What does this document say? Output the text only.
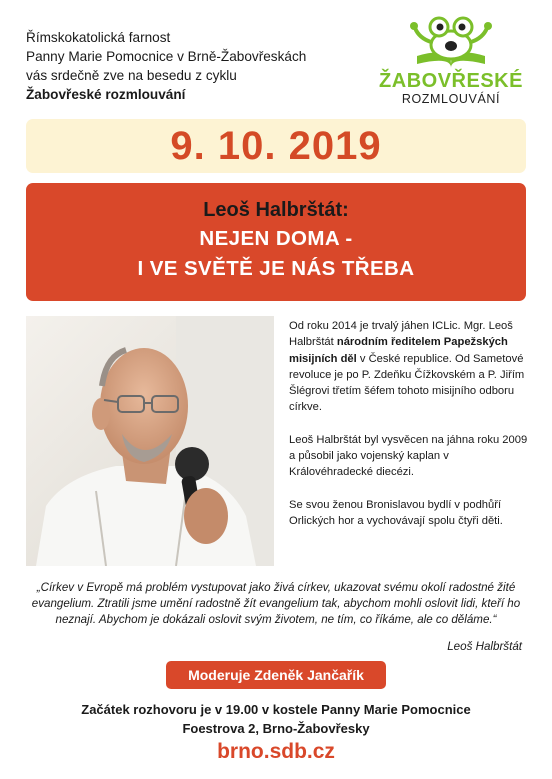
Římskokatolická farnost
Panny Marie Pomocnice v Brně-Žabovřeskách
vás srdečně zve na besedu z cyklu
Žabovřeské rozmlouvání
ŽABOVŘESKÉ
ROZMLOUVÁNÍ
9. 10. 2019
Leoš Halbrštát:
NEJEN DOMA -
I VE SVĚTĚ JE NÁS TŘEBA

Od roku 2014 je trvalý jáhen ICLic. Mgr. Leoš Halbrštát národním ředitelem Papežských misijních děl v České republice. Od Sametové revoluce je po P. Zdeňku Čížkovském a P. Jiřím Šlégrovi třetím šéfem tohoto misijního odboru církve.

Leoš Halbrštát byl vysvěcen na jáhna roku 2009 a působil jako vojenský kaplan v Královéhradecké diecézi.

Se svou ženou Bronislavou bydlí v podhůří Orlických hor a vychovávají spolu čtyři děti.

„Církev v Evropě má problém vystupovat jako živá církev, ukazovat svému okolí radostné žité evangelium. Ztratili jsme umění radostně žít evangelium tak, abychom mohli oslovit lidi, kteří ho neznají. Abychom je dokázali oslovit svým životem, ne tím, co říkáme, ale co děláme.“
Leoš Halbrštát
Moderuje Zdeněk Jančařík
Začátek rozhovoru je v 19.00 v kostele Panny Marie Pomocnice
Foestrova 2, Brno-Žabovřesky
brno.sdb.cz
